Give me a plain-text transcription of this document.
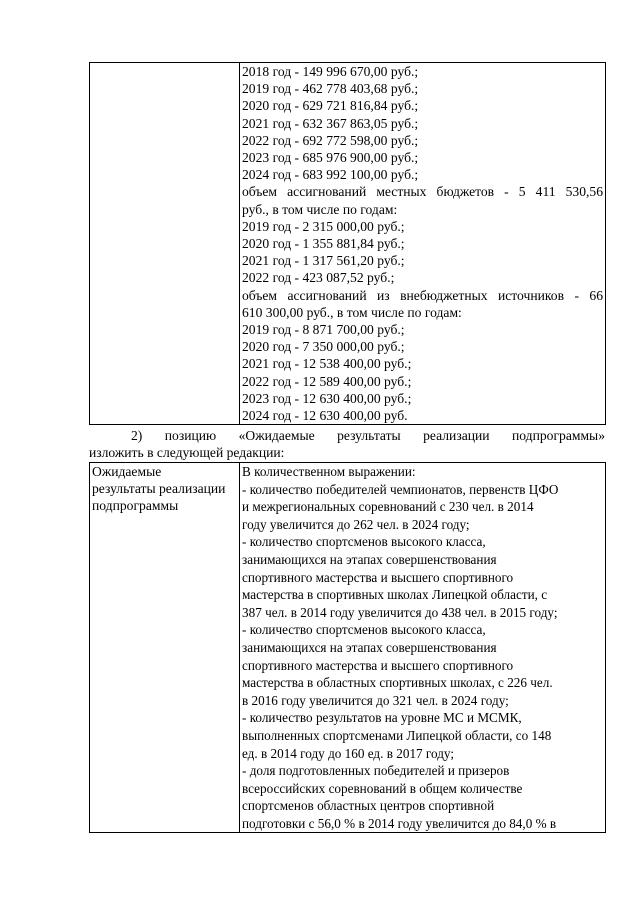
2018 год - 149 996 670,00 руб.;
2019 год - 462 778 403,68 руб.;
2020 год - 629 721 816,84 руб.;
2021 год - 632 367 863,05 руб.;
2022 год - 692 772 598,00 руб.;
2023 год - 685 976 900,00 руб.;
2024 год - 683 992 100,00 руб.;
объем ассигнований местных бюджетов - 5 411 530,56
руб., в том числе по годам:
2019 год - 2 315 000,00 руб.;
2020 год - 1 355 881,84 руб.;
2021 год - 1 317 561,20 руб.;
2022 год - 423 087,52 руб.;
объем ассигнований из внебюджетных источников - 66
610 300,00 руб., в том числе по годам:
2019 год - 8 871 700,00 руб.;
2020 год - 7 350 000,00 руб.;
2021 год - 12 538 400,00 руб.;
2022 год - 12 589 400,00 руб.;
2023 год - 12 630 400,00 руб.;
2024 год - 12 630 400,00 руб.
2) позицию «Ожидаемые результаты реализации подпрограммы»
изложить в следующей редакции:
Ожидаемые
результаты реализации
подпрограммы

В количественном выражении:
- количество победителей чемпионатов, первенств ЦФО
и межрегиональных соревнований с 230 чел. в 2014
году увеличится до 262 чел. в 2024 году;
- количество спортсменов высокого класса,
занимающихся на этапах совершенствования
спортивного мастерства и высшего спортивного
мастерства в спортивных школах Липецкой области, с
387 чел. в 2014 году увеличится до 438 чел. в 2015 году;
- количество спортсменов высокого класса,
занимающихся на этапах совершенствования
спортивного мастерства и высшего спортивного
мастерства в областных спортивных школах, с 226 чел.
в 2016 году увеличится до 321 чел. в 2024 году;
- количество результатов на уровне МС и МСМК,
выполненных спортсменами Липецкой области, со 148
ед. в 2014 году до 160 ед. в 2017 году;
- доля подготовленных победителей и призеров
всероссийских соревнований в общем количестве
спортсменов областных центров спортивной
подготовки с 56,0 % в 2014 году увеличится до 84,0 % в
